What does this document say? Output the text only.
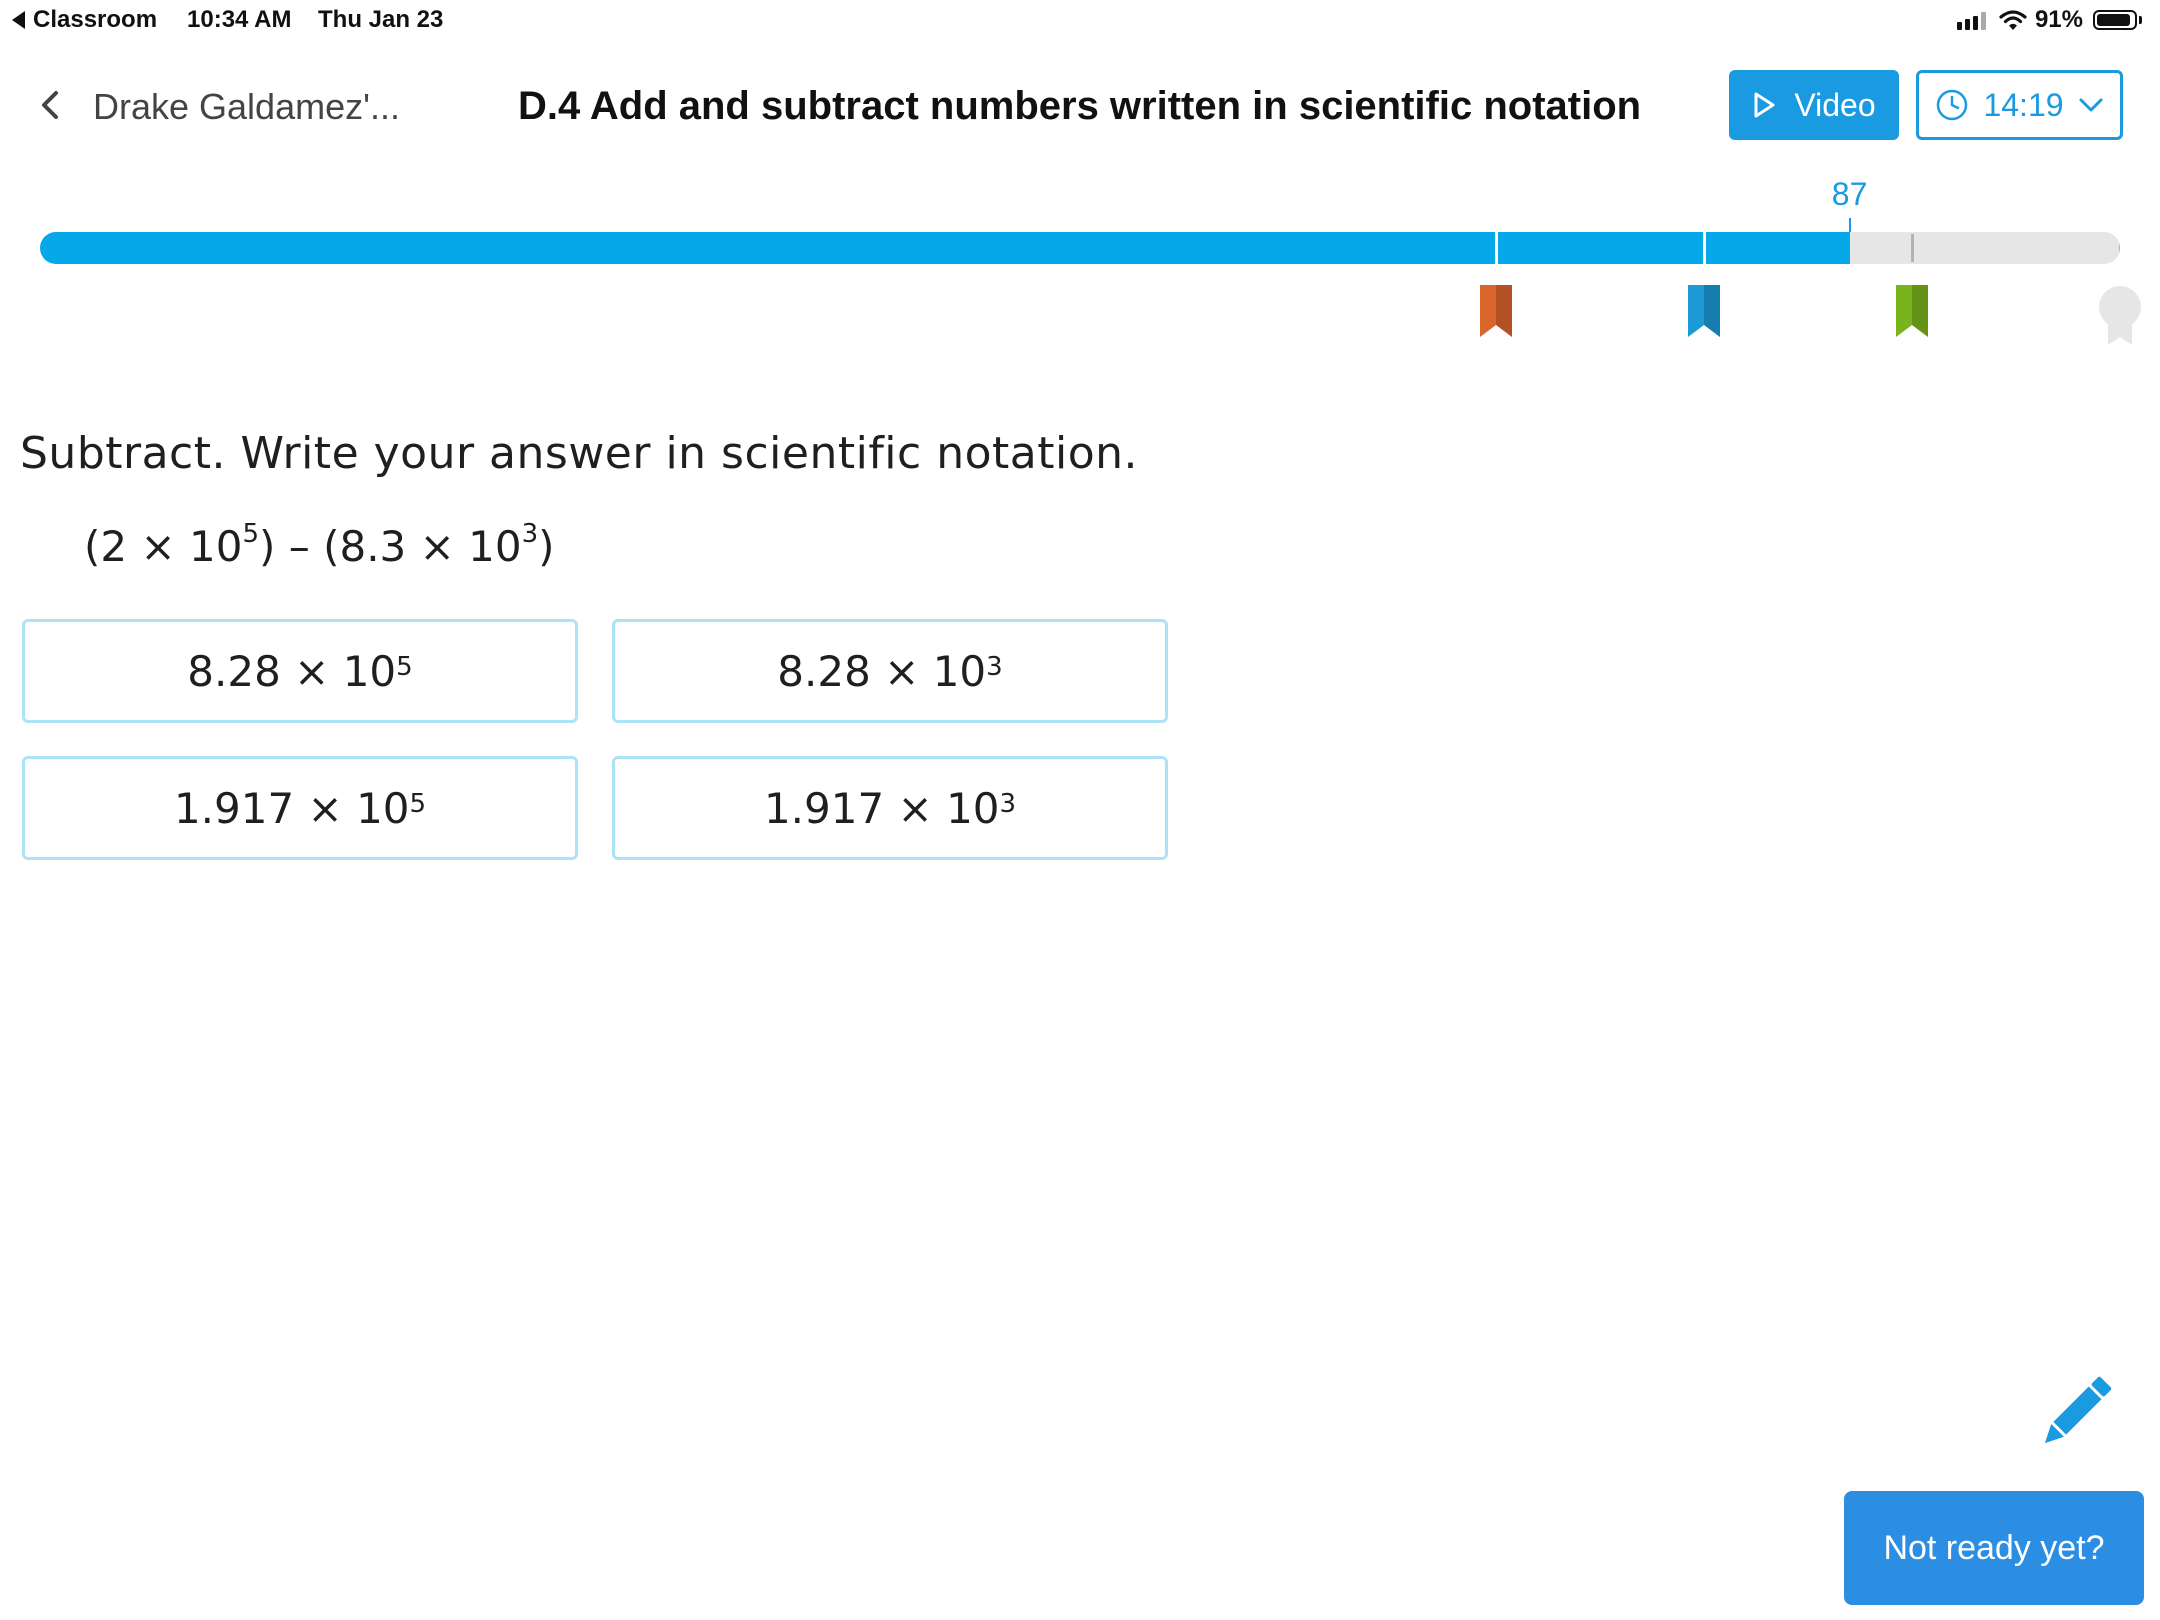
Classroom 10:34 AM Thu Jan 23	91%
Drake Galdamez'...	D.4 Add and subtract numbers written in scientific notation	Video	14:19
87
Subtract. Write your answer in scientific notation.
$(2 \times 10^5) - (8.3 \times 10^3)$
$8.28 \times 10^5$	$8.28 \times 10^3$
$1.917 \times 10^5$	$1.917 \times 10^3$
Not ready yet?
